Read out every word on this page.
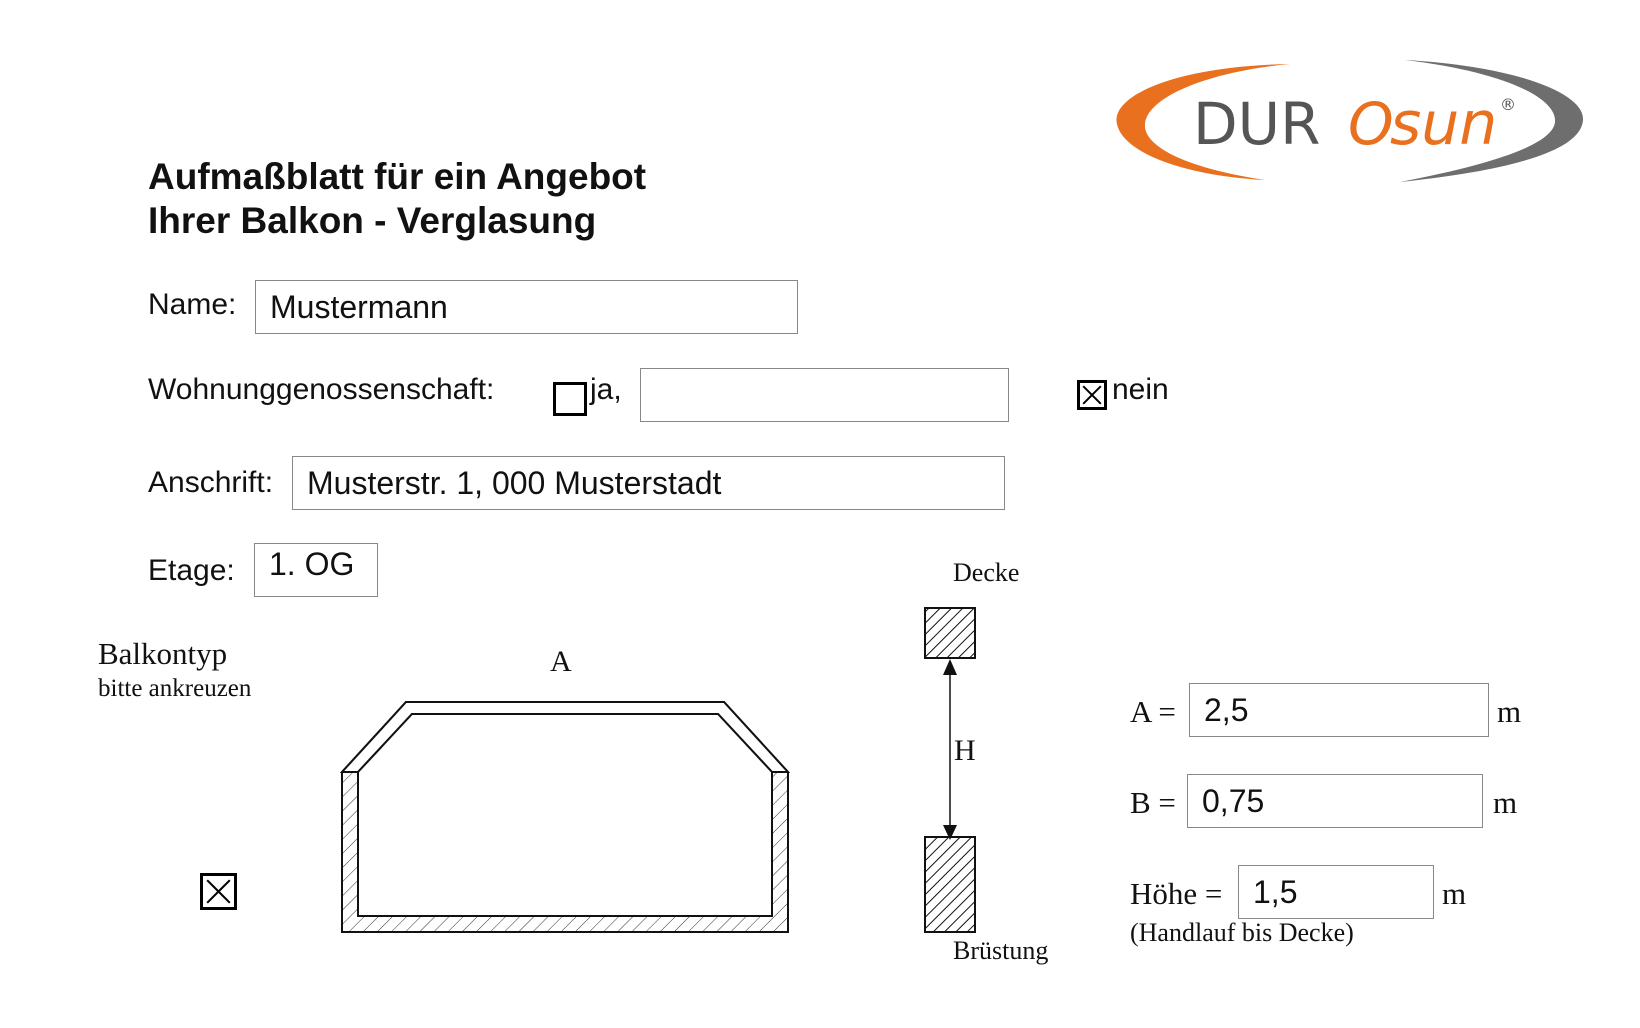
DUR O
sun ®
Aufmaßblatt für ein Angebot
Ihrer Balkon - Verglasung
Name:	Mustermann
Wohnunggenossenschaft:	ja,	nein
Anschrift:	Musterstr. 1, 000 Musterstadt
Etage:	1. OG
Balkontyp
bitte ankreuzen
A
Decke
H
Brüstung
A = 2,5	m
B = 0,75	m
Höhe = 1,5	m
(Handlauf bis Decke)
